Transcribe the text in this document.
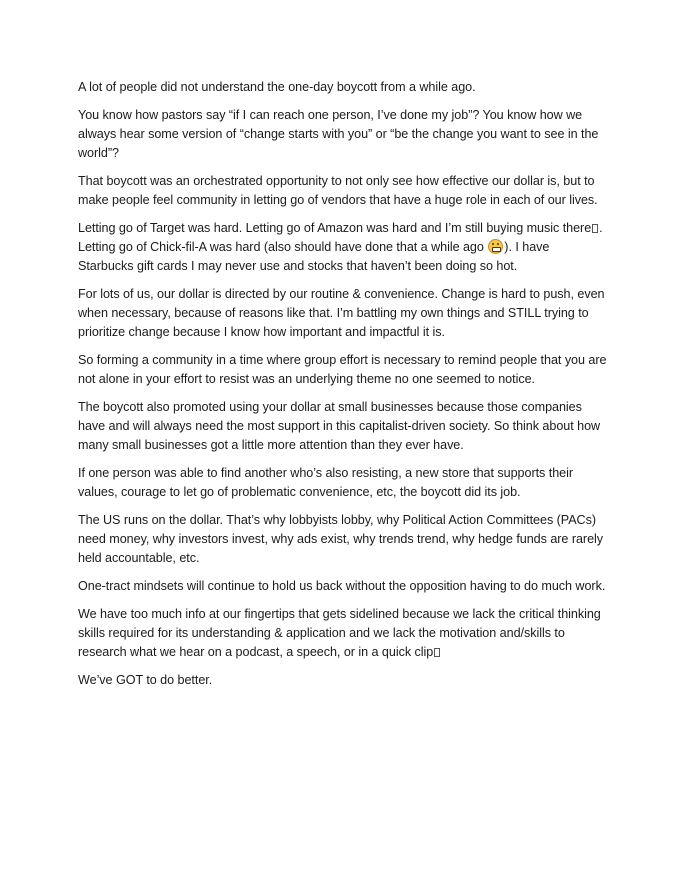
A lot of people did not understand the one-day boycott from a while ago.

You know how pastors say “if I can reach one person, I’ve done my job”? You know how we always hear some version of “change starts with you” or “be the change you want to see in the world”?

That boycott was an orchestrated opportunity to not only see how effective our dollar is, but to make people feel community in letting go of vendors that have a huge role in each of our lives.

Letting go of Target was hard. Letting go of Amazon was hard and I’m still buying music there . Letting go of Chick-fil-A was hard (also should have done that a while ago ). I have Starbucks gift cards I may never use and stocks that haven’t been doing so hot.

For lots of us, our dollar is directed by our routine & convenience. Change is hard to push, even when necessary, because of reasons like that. I’m battling my own things and STILL trying to prioritize change because I know how important and impactful it is.

So forming a community in a time where group effort is necessary to remind people that you are not alone in your effort to resist was an underlying theme no one seemed to notice.

The boycott also promoted using your dollar at small businesses because those companies have and will always need the most support in this capitalist-driven society. So think about how many small businesses got a little more attention than they ever have.

If one person was able to find another who’s also resisting, a new store that supports their values, courage to let go of problematic convenience, etc, the boycott did its job.

The US runs on the dollar. That’s why lobbyists lobby, why Political Action Committees (PACs) need money, why investors invest, why ads exist, why trends trend, why hedge funds are rarely held accountable, etc.

One-tract mindsets will continue to hold us back without the opposition having to do much work.

We have too much info at our fingertips that gets sidelined because we lack the critical thinking skills required for its understanding & application and we lack the motivation and/skills to research what we hear on a podcast, a speech, or in a quick clip

We’ve GOT to do better.
